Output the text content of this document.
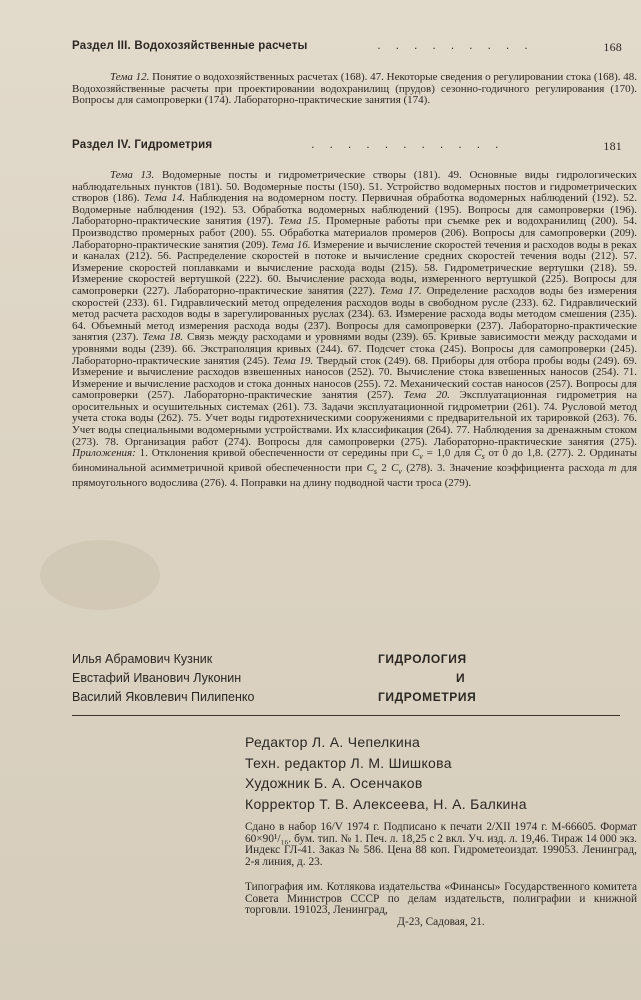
Раздел III. Водохозяйственные расчеты	. . . . . . . . .	168
Тема 12. Понятие о водохозяйственных расчетах (168). 47. Некоторые сведения о регулировании стока (168). 48. Водохозяйственные расчеты при проектировании водохранилищ (прудов) сезонно-годичного регулирования (170). Вопросы для самопроверки (174). Лабораторно-практические занятия (174).
Раздел IV. Гидрометрия	. . . . . . . . . . .	181
Тема 13. Водомерные посты и гидрометрические створы (181). 49. Основные виды гидрологических наблюдательных пунктов (181). 50. Водомерные посты (150). 51. Устройство водомерных постов и гидрометрических створов (186). Тема 14. Наблюдения на водомерном посту. Первичная обработка водомерных наблюдений (192). 52. Водомерные наблюдения (192). 53. Обработка водомерных наблюдений (195). Вопросы для самопроверки (196). Лабораторно-практические занятия (197). Тема 15. Промерные работы при съемке рек и водохранилищ (200). 54. Производство промерных работ (200). 55. Обработка материалов промеров (206). Вопросы для самопроверки (209). Лабораторно-практические занятия (209). Тема 16. Измерение и вычисление скоростей течения и расходов воды в реках и каналах (212). 56. Распределение скоростей в потоке и вычисление средних скоростей течения воды (212). 57. Измерение скоростей поплавками и вычисление расхода воды (215). 58. Гидрометрические вертушки (218). 59. Измерение скоростей вертушкой (222). 60. Вычисление расхода воды, измеренного вертушкой (225). Вопросы для самопроверки (227). Лабораторно-практические занятия (227). Тема 17. Определение расходов воды без измерения скоростей (233). 61. Гидравлический метод определения расходов воды в свободном русле (233). 62. Гидравлический метод расчета расходов воды в зарегулированных руслах (234). 63. Измерение расхода воды методом смешения (235). 64. Объемный метод измерения расхода воды (237). Вопросы для самопроверки (237). Лабораторно-практические занятия (237). Тема 18. Связь между расходами и уровнями воды (239). 65. Кривые зависимости между расходами и уровнями воды (239). 66. Экстраполяция кривых (244). 67. Подсчет стока (245). Вопросы для самопроверки (245). Лабораторно-практические занятия (245). Тема 19. Твердый сток (249). 68. Приборы для отбора пробы воды (249). 69. Измерение и вычисление расходов взвешенных наносов (252). 70. Вычисление стока взвешенных наносов (254). 71. Измерение и вычисление расходов и стока донных наносов (255). 72. Механический состав наносов (257). Вопросы для самопроверки (257). Лабораторно-практические занятия (257). Тема 20. Эксплуатационная гидрометрия на оросительных и осушительных системах (261). 73. Задачи эксплуатационной гидрометрии (261). 74. Русловой метод учета стока воды (262). 75. Учет воды гидротехническими сооружениями с предварительной их тарировкой (263). 76. Учет воды специальными водомерными устройствами. Их классификация (264). 77. Наблюдения за дренажным стоком (273). 78. Организация работ (274). Вопросы для самопроверки (275). Лабораторно-практические занятия (275). Приложения: 1. Отклонения кривой обеспеченности от середины при $C_v = 1,0$ для $C_s$ от 0 до 1,8. (277). 2. Ординаты биноминальной асимметричной кривой обеспеченности при $C_s$ 2 $C_v$ (278). 3. Значение коэффициента расхода m для прямоугольного водослива (276). 4. Поправки на длину подводной части троса (279).
Илья Абрамович Кузник
Евстафий Иванович Луконин
Василий Яковлевич Пилипенко
ГИДРОЛОГИЯ
И
ГИДРОМЕТРИЯ
Редактор Л. А. Чепелкина
Техн. редактор Л. М. Шишкова
Художник Б. А. Осенчаков
Корректор Т. В. Алексеева, Н. А. Балкина
Сдано в набор 16/V 1974 г. Подписано к печати 2/XII 1974 г. М-66605. Формат 60×90¹/₁₆. бум. тип. № 1. Печ. л. 18,25 с 2 вкл. Уч. изд. л. 19,46. Тираж 14 000 экз. Индекс ГЛ-41. Заказ № 586. Цена 88 коп. Гидрометеоиздат. 199053. Ленинград, 2-я линия, д. 23.
Типография им. Котлякова издательства «Финансы» Государственного комитета Совета Министров СССР по делам издательств, полиграфии и книжной торговли. 191023, Ленинград,
Д-23, Садовая, 21.
